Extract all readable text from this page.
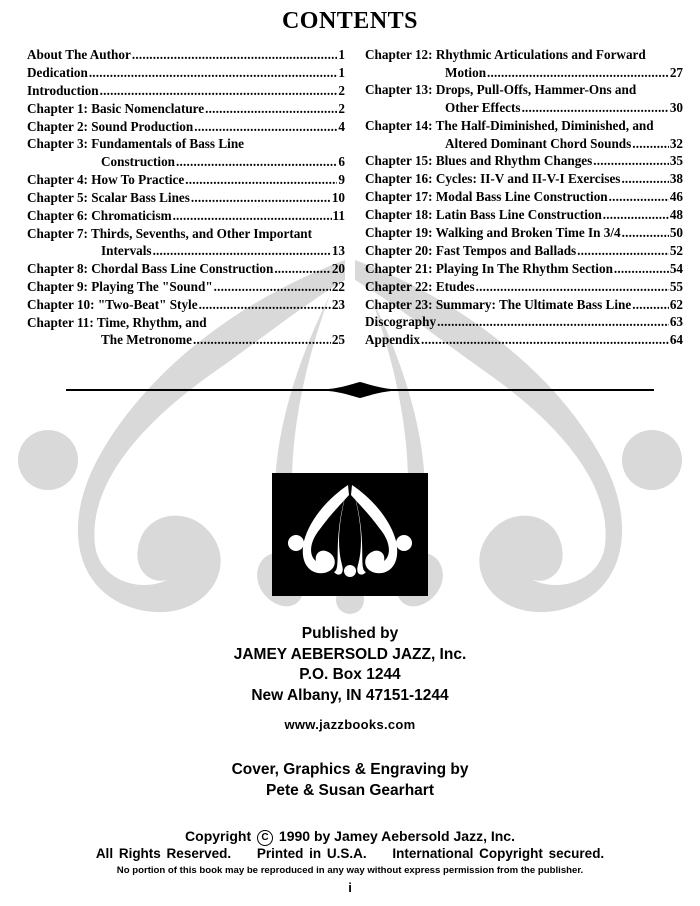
CONTENTS
About The Author .....	1
Dedication .....	1
Introduction .....	2
Chapter 1: Basic Nomenclature .....	2
Chapter 2: Sound Production .....	4
Chapter 3: Fundamentals of Bass Line
Construction .....	6
Chapter 4: How To Practice .....	9
Chapter 5: Scalar Bass Lines .....	10
Chapter 6: Chromaticism .....	11
Chapter 7: Thirds, Sevenths, and Other Important
Intervals .....	13
Chapter 8: Chordal Bass Line Construction .....	20
Chapter 9: Playing The "Sound" .....	22
Chapter 10: "Two-Beat" Style .....	23
Chapter 11: Time, Rhythm, and
The Metronome .....	25
Chapter 12: Rhythmic Articulations and Forward
Motion .....	27
Chapter 13: Drops, Pull-Offs, Hammer-Ons and
Other Effects .....	30
Chapter 14: The Half-Diminished, Diminished, and
Altered Dominant Chord Sounds .....	32
Chapter 15: Blues and Rhythm Changes .....	35
Chapter 16: Cycles: II-V and II-V-I Exercises .....	38
Chapter 17: Modal Bass Line Construction .....	46
Chapter 18: Latin Bass Line Construction .....	48
Chapter 19: Walking and Broken Time In 3/4 .....	50
Chapter 20: Fast Tempos and Ballads .....	52
Chapter 21: Playing In The Rhythm Section .....	54
Chapter 22: Etudes .....	55
Chapter 23: Summary: The Ultimate Bass Line .....	62
Discography .....	63
Appendix .....	64
Published by
JAMEY AEBERSOLD JAZZ, Inc.
P.O. Box 1244
New Albany, IN 47151-1244
www.jazzbooks.com
Cover, Graphics & Engraving by
Pete & Susan Gearhart
Copyright C 1990 by Jamey Aebersold Jazz, Inc.
All Rights Reserved. Printed in U.S.A. International Copyright secured.
No portion of this book may be reproduced in any way without express permission from the publisher.
i
